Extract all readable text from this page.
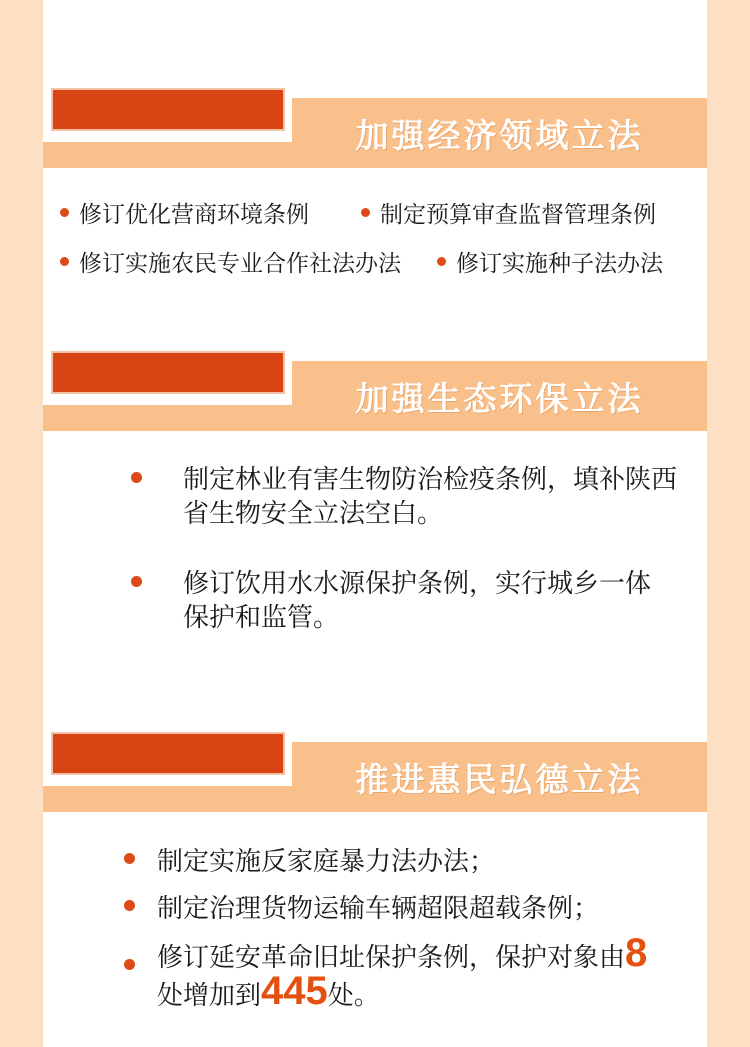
加强经济领域立法
修订优化营商环境条例	制定预算审查监督管理条例
修订实施农民专业合作社法办法 修订实施种子法办法
加强生态环保立法
制定林业有害生物防治检疫条例，填补陕西
省生物安全立法空白。
修订饮用水水源保护条例，实行城乡一体
保护和监管。
推进惠民弘德立法
制定实施反家庭暴力法办法；
制定治理货物运输车辆超限超载条例；
修订延安革命旧址保护条例，保护对象由8
处增加到445处。
